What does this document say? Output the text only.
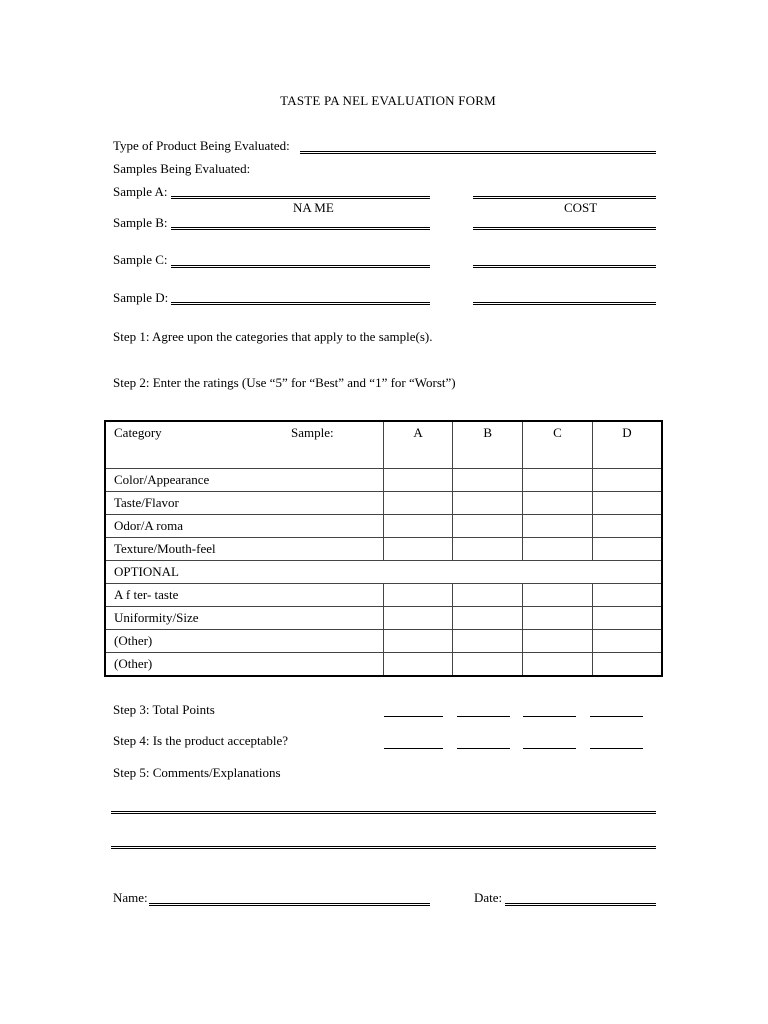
TASTE PA NEL EVALUATION FORM
Type of Product Being Evaluated:
Samples Being Evaluated:
Sample A:
NA ME	COST
Sample B:
Sample C:
Sample D:
Step 1: Agree upon the categories that apply to the sample(s).
Step 2: Enter the ratings (Use “5” for “Best” and “1” for “Worst”)
Category Sample:	A	B	C	D
Color/Appearance				
Taste/Flavor				
Odor/A roma				
Texture/Mouth-feel				
OPTIONAL				
A f ter- taste				
Uniformity/Size				
(Other)				
(Other)				
Step 3: Total Points
Step 4: Is the product acceptable?
Step 5: Comments/Explanations
Name:	Date:
